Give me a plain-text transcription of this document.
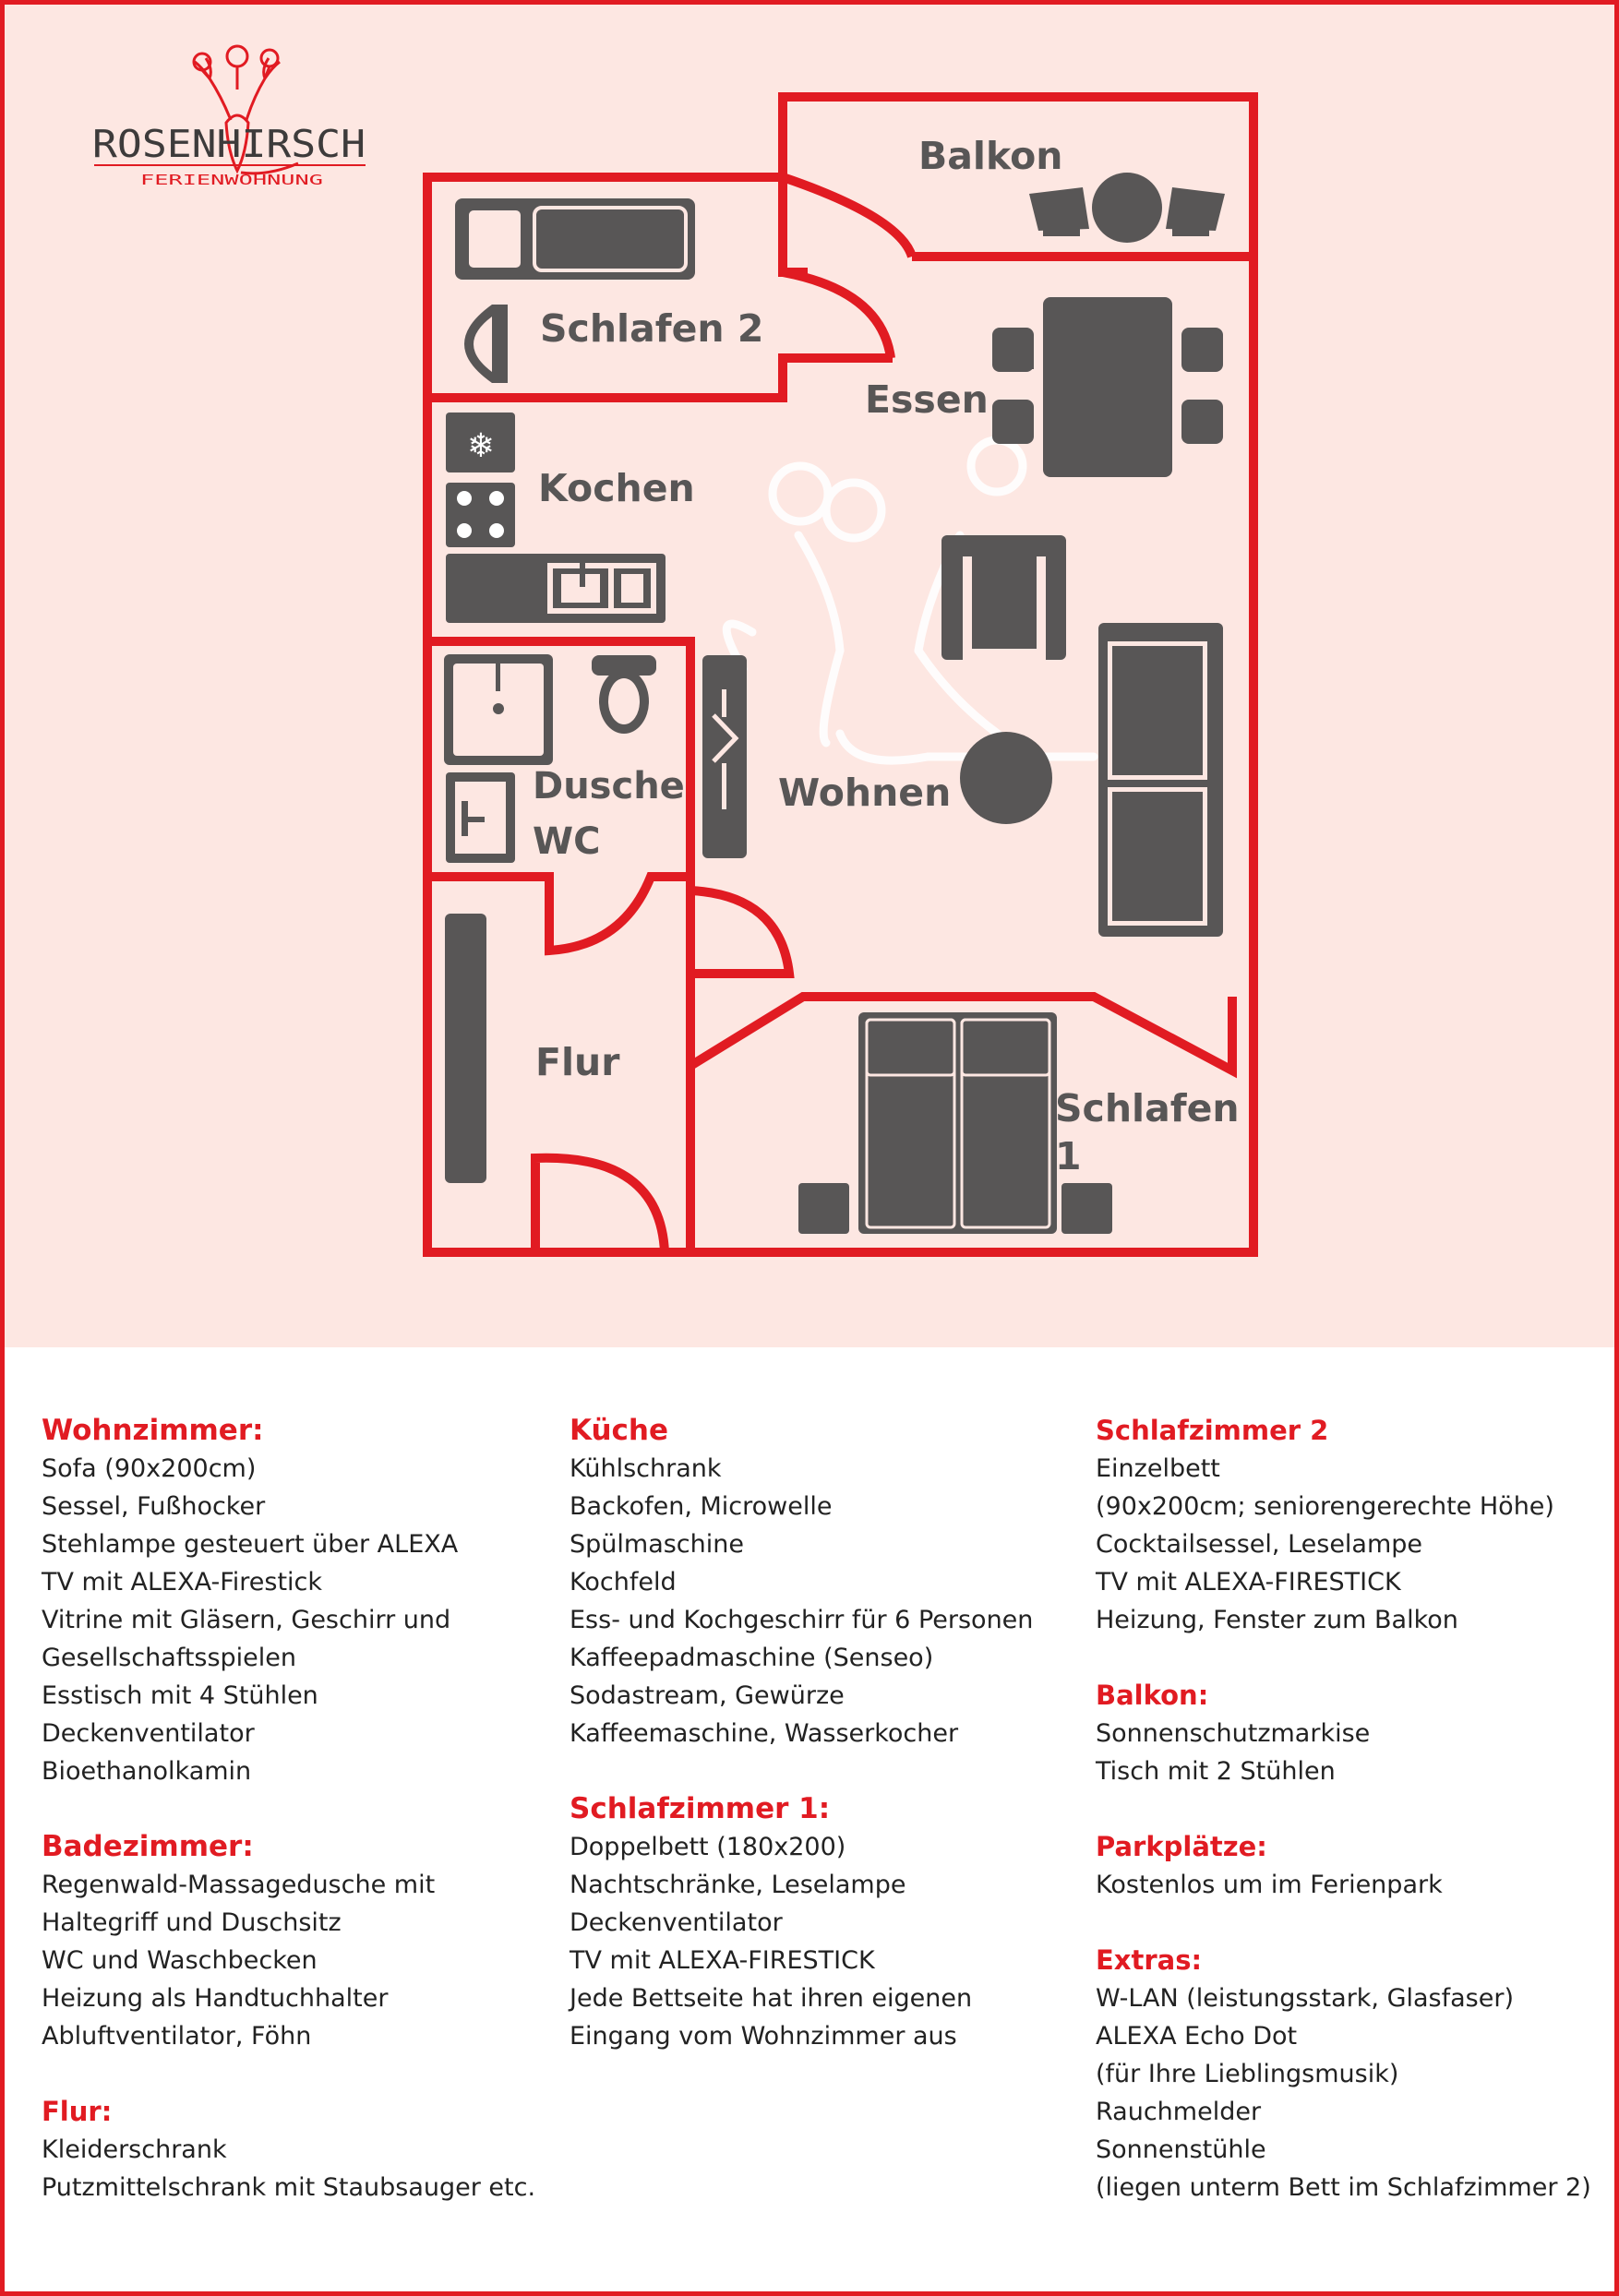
ROSENHIRSCH
FERIENWOHNUNG
❄
Balkon
Schlafen 2
Essen
Kochen
Dusche
WC
Wohnen
Flur
Schlafen
1
Wohnzimmer:
Sofa (90x200cm)
Sessel, Fußhocker
Stehlampe gesteuert über ALEXA
TV mit ALEXA-Firestick
Vitrine mit Gläsern, Geschirr und
Gesellschaftsspielen
Esstisch mit 4 Stühlen
Deckenventilator
Bioethanolkamin
Badezimmer:
Regenwald-Massagedusche mit
Haltegriff und Duschsitz
WC und Waschbecken
Heizung als Handtuchhalter
Abluftventilator, Föhn
Flur:
Kleiderschrank
Putzmittelschrank mit Staubsauger etc.
Küche
Kühlschrank
Backofen, Microwelle
Spülmaschine
Kochfeld
Ess- und Kochgeschirr für 6 Personen
Kaffeepadmaschine (Senseo)
Sodastream, Gewürze
Kaffeemaschine, Wasserkocher
Schlafzimmer 1:
Doppelbett (180x200)
Nachtschränke, Leselampe
Deckenventilator
TV mit ALEXA-FIRESTICK
Jede Bettseite hat ihren eigenen
Eingang vom Wohnzimmer aus
Schlafzimmer 2
Einzelbett
(90x200cm; seniorengerechte Höhe)
Cocktailsessel, Leselampe
TV mit ALEXA-FIRESTICK
Heizung, Fenster zum Balkon
Balkon:
Sonnenschutzmarkise
Tisch mit 2 Stühlen
Parkplätze:
Kostenlos um im Ferienpark
Extras:
W-LAN (leistungsstark, Glasfaser)
ALEXA Echo Dot
(für Ihre Lieblingsmusik)
Rauchmelder
Sonnenstühle
(liegen unterm Bett im Schlafzimmer 2)
